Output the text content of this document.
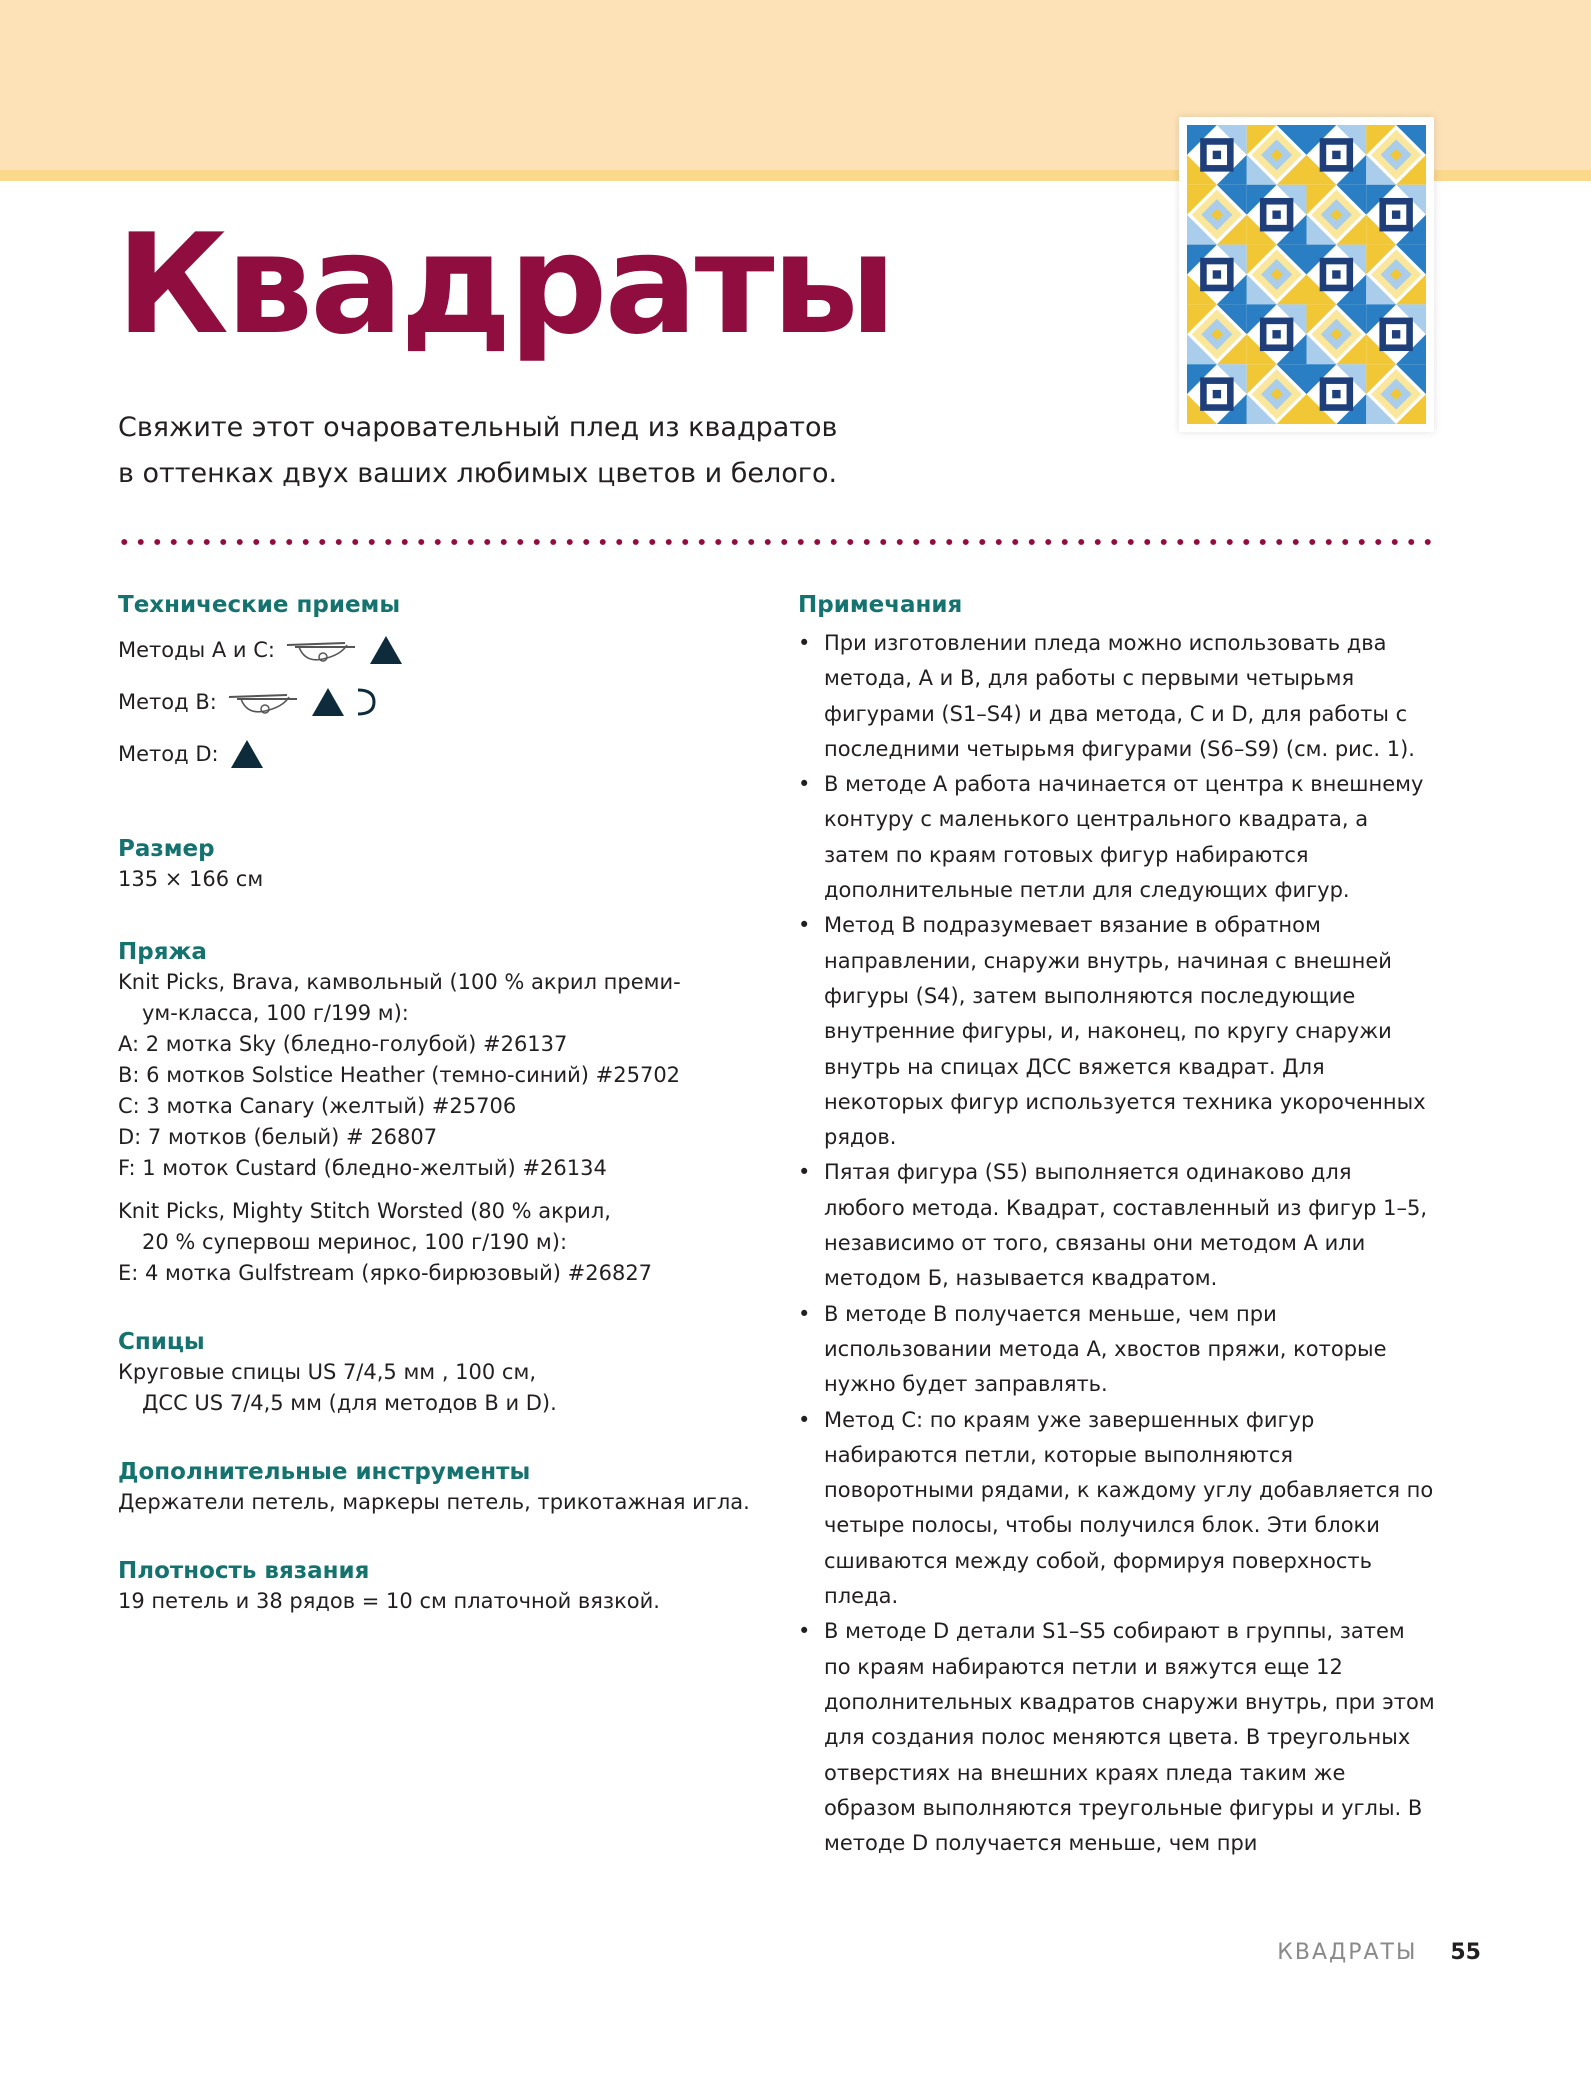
Квадраты

Свяжите этот очаровательный плед из квадратов

в оттенках двух ваших любимых цветов и белого.

Технические приемы
Методы A и C:
Метод B:
Метод D:
Размер

135 × 166 см

Пряжа

Knit Picks, Brava, камвольный (100 % акрил преми-

ум-класса, 100 г/199 м):

A: 2 мотка Sky (бледно-голубой) #26137

B: 6 мотков Solstice Heather (темно-синий) #25702

C: 3 мотка Canary (желтый) #25706

D: 7 мотков (белый) # 26807

F: 1 моток Custard (бледно-желтый) #26134

Knit Picks, Mighty Stitch Worsted (80 % акрил,

20 % супервош меринос, 100 г/190 м):

E: 4 мотка Gulfstream (ярко-бирюзовый) #26827

Спицы

Круговые спицы US 7/4,5 мм , 100 см,

ДСС US 7/4,5 мм (для методов B и D).

Дополнительные инструменты

Держатели петель, маркеры петель, трикотажная игла.

Плотность вязания

19 петель и 38 рядов = 10 см платочной вязкой.

Примечания
• При изготовлении пледа можно использовать два метода, A и B, для работы с первыми четырьмя фигурами (S1–S4) и два метода, C и D, для работы с последними четырьмя фигурами (S6–S9) (см. рис. 1).
• В методе A работа начинается от центра к внешнему контуру с маленького центрального квадрата, а затем по краям готовых фигур набираются дополнительные петли для следующих фигур.
• Метод B подразумевает вязание в обратном направлении, снаружи внутрь, начиная с внешней фигуры (S4), затем выполняются последующие внутренние фигуры, и, наконец, по кругу снаружи внутрь на спицах ДСС вяжется квадрат. Для некоторых фигур используется техника укороченных рядов.
• Пятая фигура (S5) выполняется одинаково для любого метода. Квадрат, составленный из фигур 1–5, независимо от того, связаны они методом A или методом Б, называется квадратом.
• В методе B получается меньше, чем при использовании метода A, хвостов пряжи, которые нужно будет заправлять.
• Метод C: по краям уже завершенных фигур набираются петли, которые выполняются поворотными рядами, к каждому углу добавляется по четыре полосы, чтобы получился блок. Эти блоки сшиваются между собой, формируя поверхность пледа.
• В методе D детали S1–S5 собирают в группы, затем по краям набираются петли и вяжутся еще 12 дополнительных квадратов снаружи внутрь, при этом для создания полос меняются цвета. В треугольных отверстиях на внешних краях пледа таким же образом выполняются треугольные фигуры и углы. В методе D получается меньше, чем при
КВАДРАТЫ 55
